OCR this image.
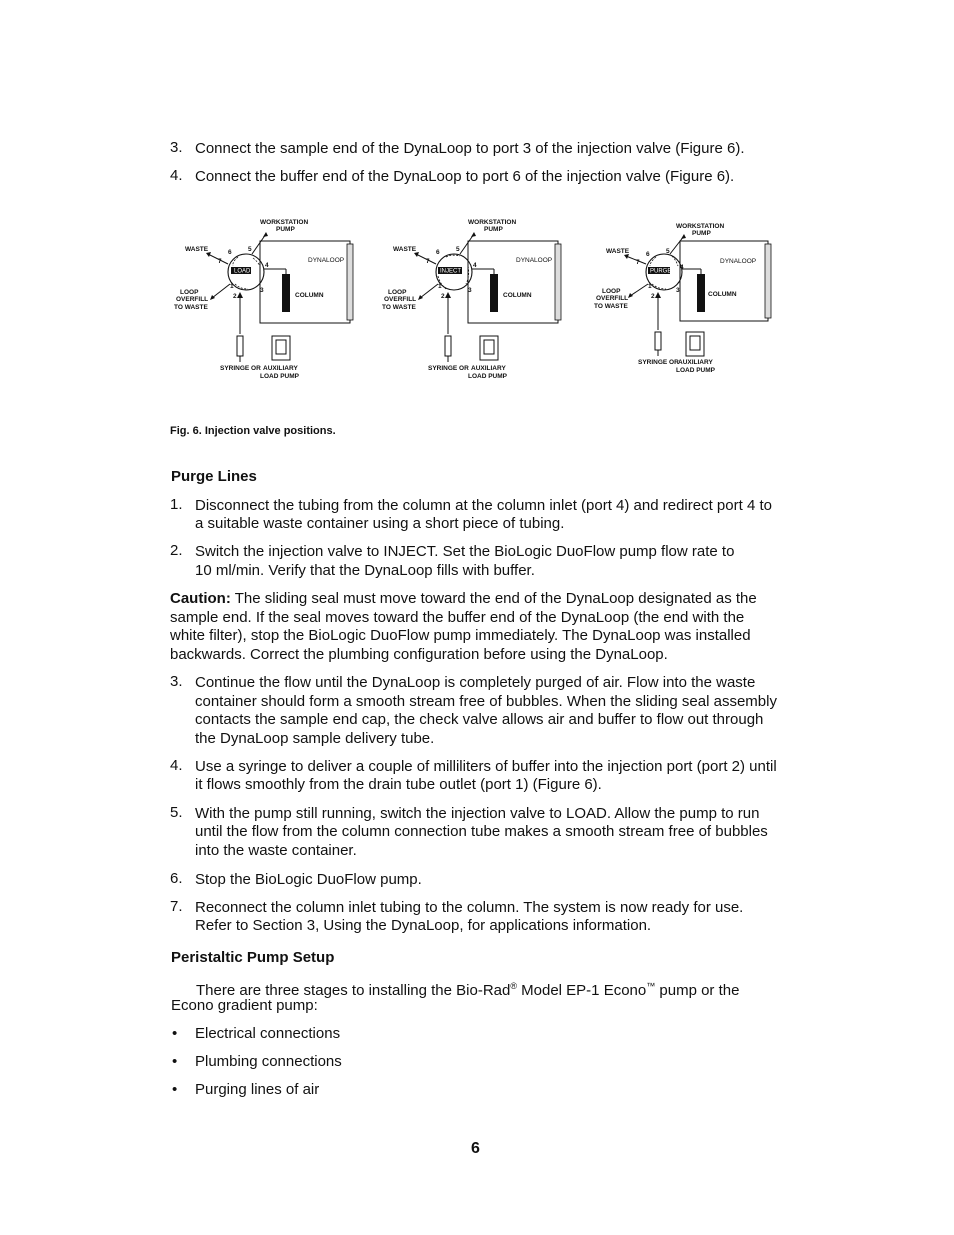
3. Connect the sample end of the DynaLoop to port 3 of the injection valve (Figure 6).
4. Connect the buffer end of the DynaLoop to port 6 of the injection valve (Figure 6).
LOAD
WORKSTATION
PUMP
WASTE
DYNALOOP
COLUMN
LOOP
OVERFILL
TO WASTE
SYRINGE OR AUXILIARY
LOAD PUMP
1
2
3
4
5
6
7
INJECT
WORKSTATION
PUMP
WASTE
DYNALOOP
COLUMN
LOOP
OVERFILL
TO WASTE
SYRINGE OR AUXILIARY
LOAD PUMP
1
2
3
4
5
6
7
PURGE
WORKSTATION
PUMP
WASTE
DYNALOOP
COLUMN
LOOP
OVERFILL
TO WASTE
SYRINGE OR AUXILIARY
LOAD PUMP
1
2
3
4
5
6
7
Fig. 6. Injection valve positions.
Purge Lines
1. Disconnect the tubing from the column at the column inlet (port 4) and redirect port 4 to
a suitable waste container using a short piece of tubing.
2. Switch the injection valve to INJECT. Set the BioLogic DuoFlow pump flow rate to
10 ml/min. Verify that the DynaLoop fills with buffer.
Caution: The sliding seal must move toward the end of the DynaLoop designated as the
sample end. If the seal moves toward the buffer end of the DynaLoop (the end with the
white filter), stop the BioLogic DuoFlow pump immediately. The DynaLoop was installed
backwards. Correct the plumbing configuration before using the DynaLoop.
3. Continue the flow until the DynaLoop is completely purged of air. Flow into the waste
container should form a smooth stream free of bubbles. When the sliding seal assembly
contacts the sample end cap, the check valve allows air and buffer to flow out through
the DynaLoop sample delivery tube.
4. Use a syringe to deliver a couple of milliliters of buffer into the injection port (port 2) until
it flows smoothly from the drain tube outlet (port 1) (Figure 6).
5. With the pump still running, switch the injection valve to LOAD. Allow the pump to run
until the flow from the column connection tube makes a smooth stream free of bubbles
into the waste container.
6. Stop the BioLogic DuoFlow pump.
7. Reconnect the column inlet tubing to the column. The system is now ready for use.
Refer to Section 3, Using the DynaLoop, for applications information.
Peristaltic Pump Setup
There are three stages to installing the Bio-Rad® Model EP-1 Econo™ pump or the
Econo gradient pump:
• Electrical connections
• Plumbing connections
• Purging lines of air
6
